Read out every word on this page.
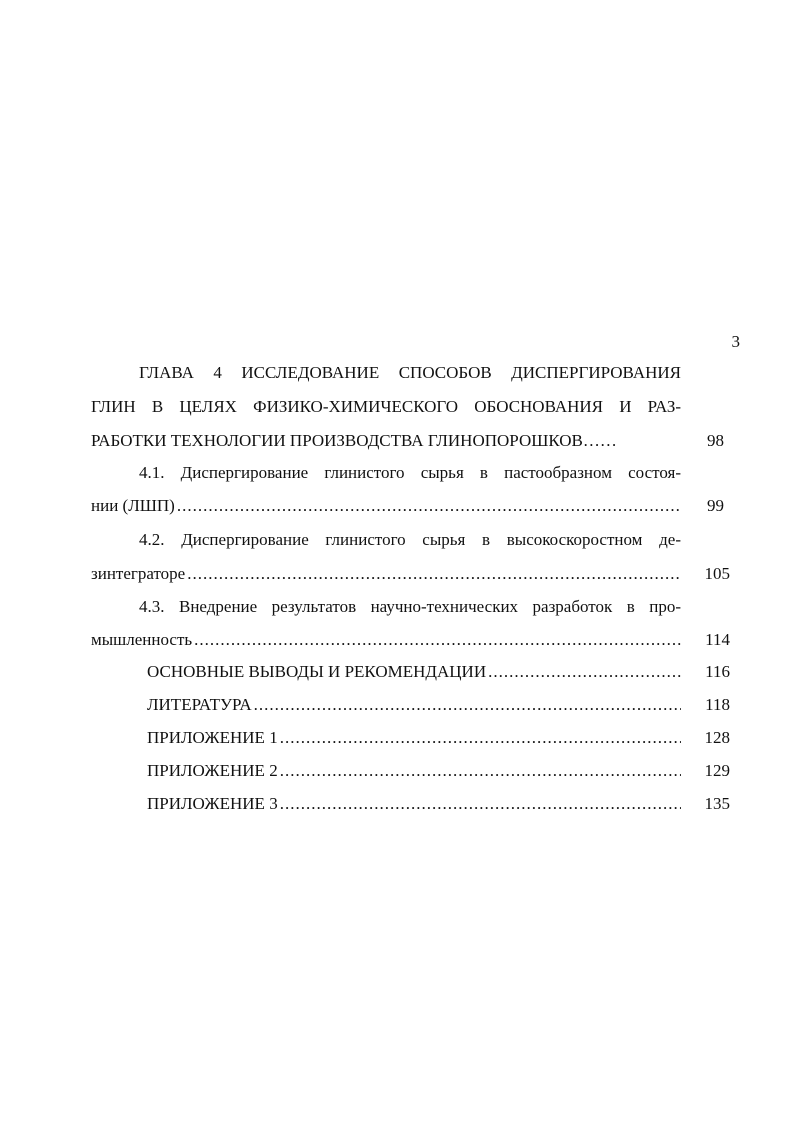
3
ГЛАВА 4 ИССЛЕДОВАНИЕ СПОСОБОВ ДИСПЕРГИРОВАНИЯ
ГЛИН В ЦЕЛЯХ ФИЗИКО-ХИМИЧЕСКОГО ОБОСНОВАНИЯ И РАЗ-
РАБОТКИ ТЕХНОЛОГИИ ПРОИЗВОДСТВА ГЛИНОПОРОШКОВ……	98
4.1. Диспергирование глинистого сырья в пастообразном состоя-
нии (ЛШП) .....	99
4.2. Диспергирование глинистого сырья в высокоскоростном де-
зинтеграторе .....	105
4.3. Внедрение результатов научно-технических разработок в про-
мышленность .....	114
ОСНОВНЫЕ ВЫВОДЫ И РЕКОМЕНДАЦИИ .....	116
ЛИТЕРАТУРА .....	118
ПРИЛОЖЕНИЕ 1 .....	128
ПРИЛОЖЕНИЕ 2 .....	129
ПРИЛОЖЕНИЕ 3 .....	135
